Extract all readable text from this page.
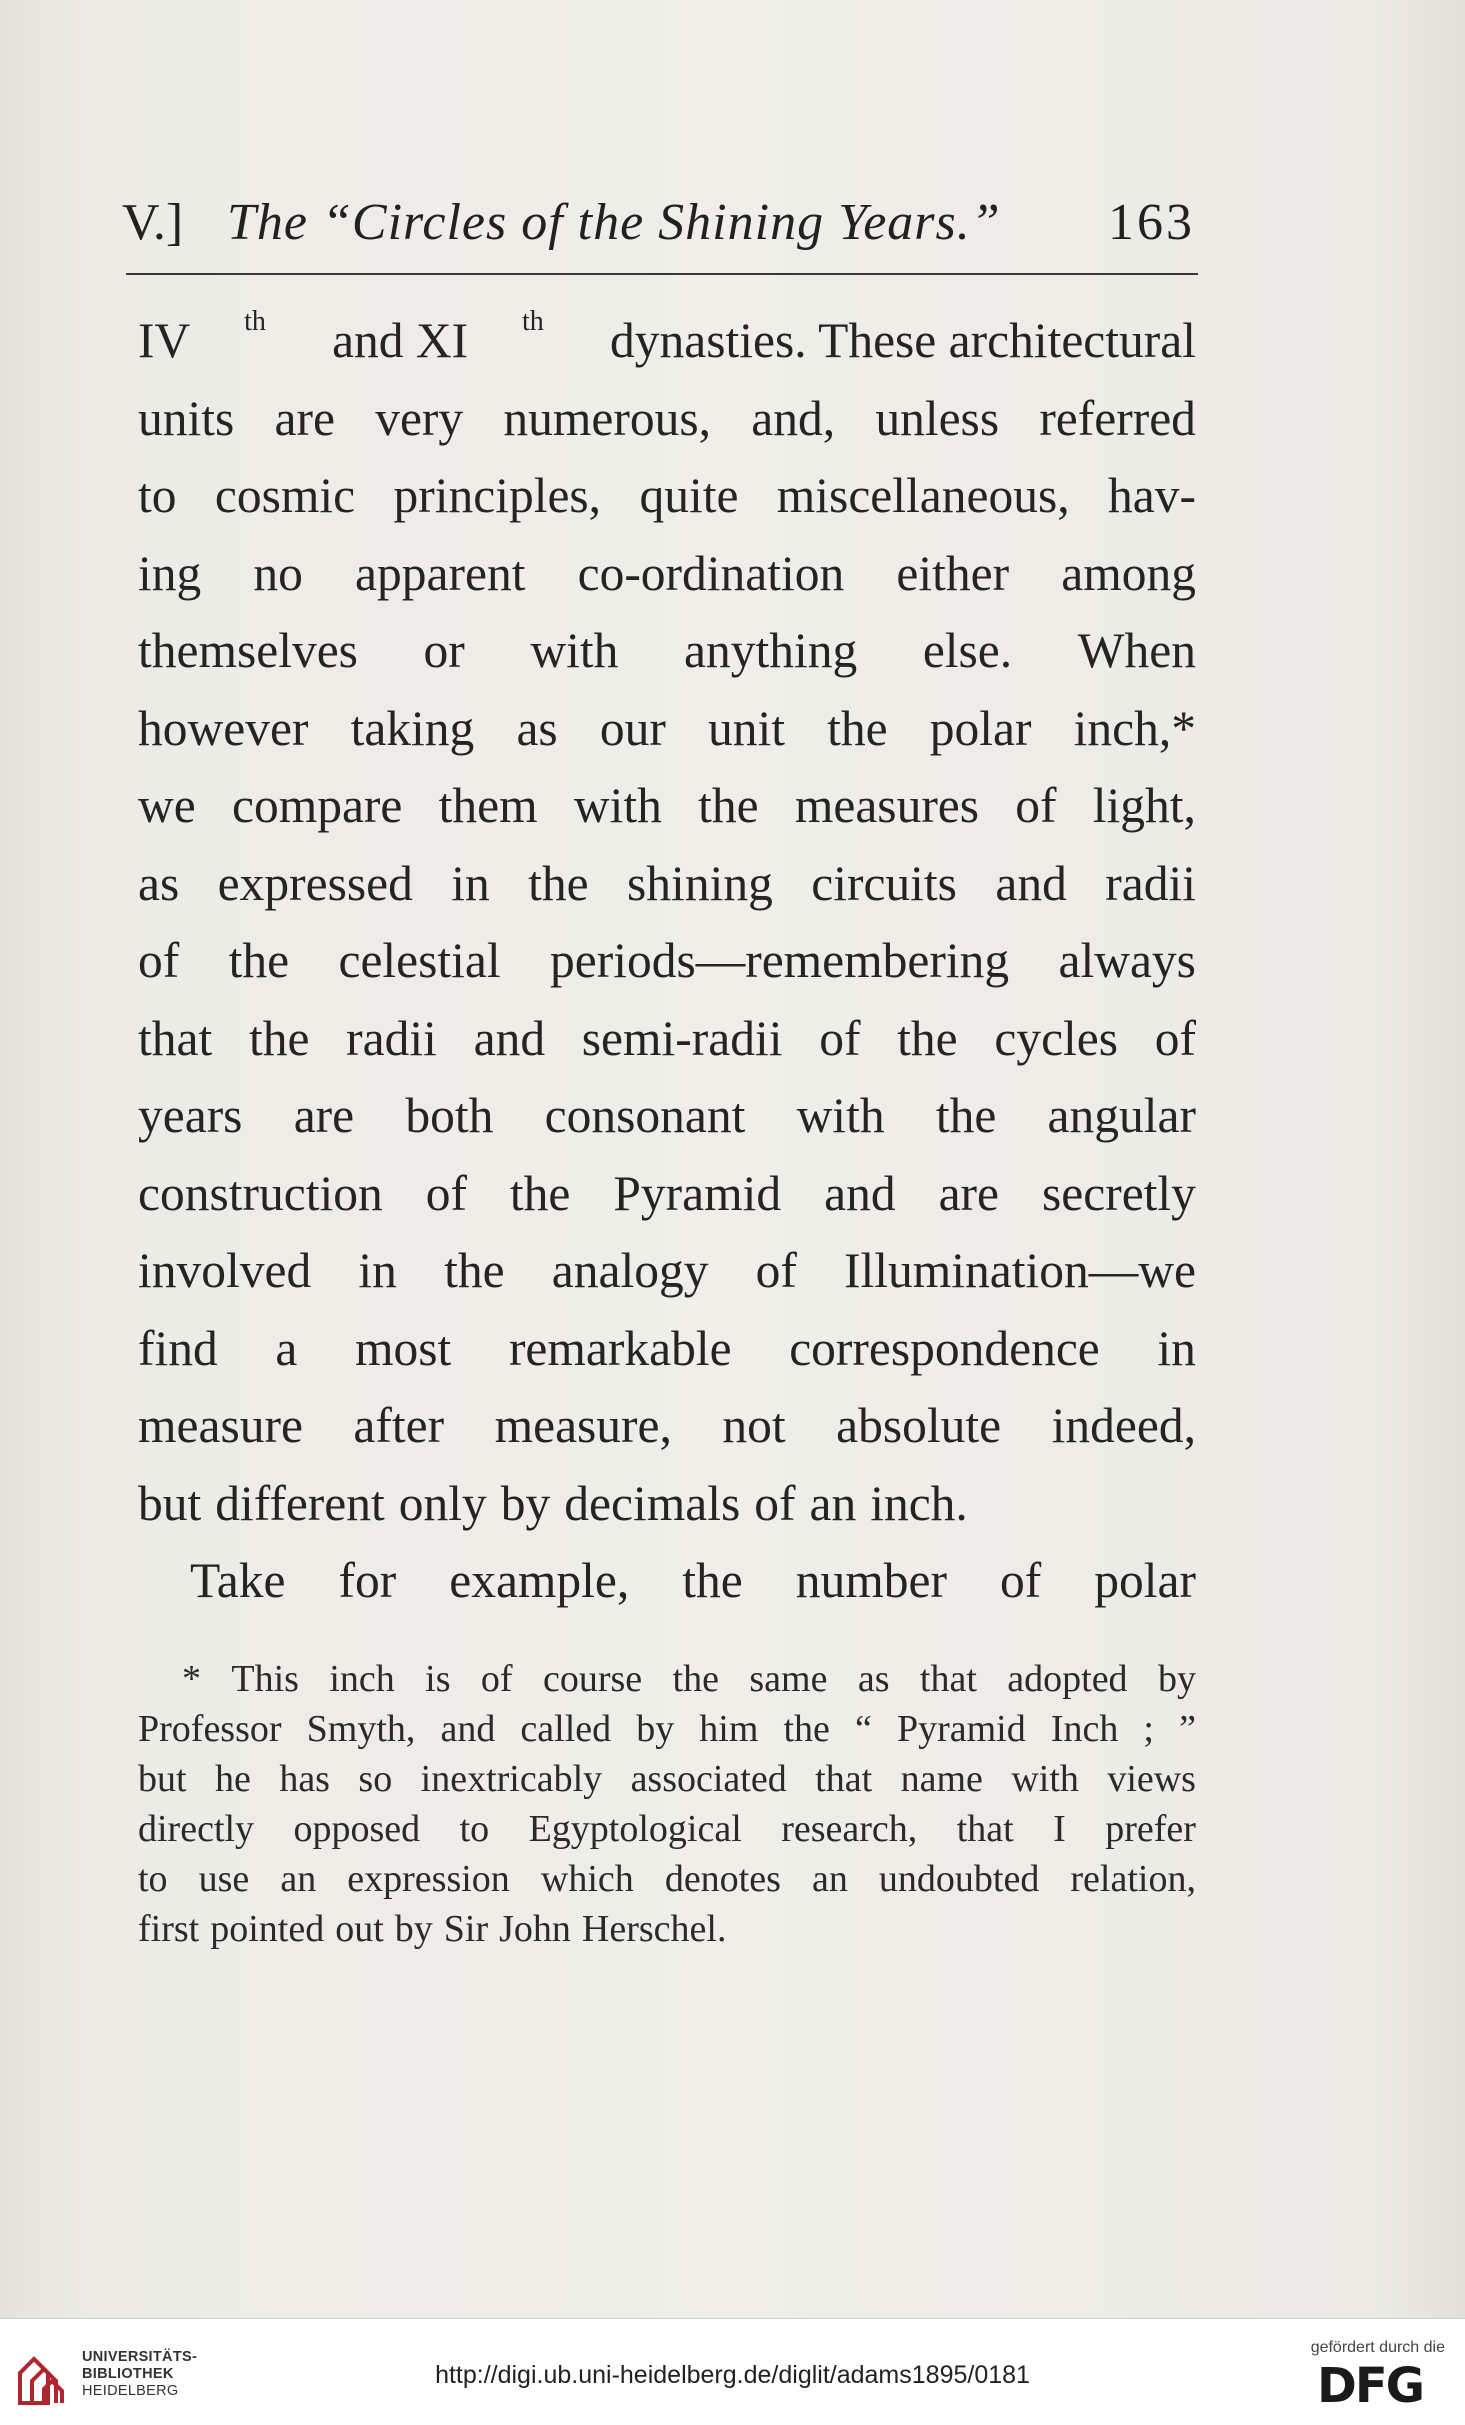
V.] The “Circles of the Shining Years.” 163
IV th and XI th dynasties. These architectural
units are very numerous, and, unless referred
to cosmic principles, quite miscellaneous, hav-
ing no apparent co-ordination either among
themselves or with anything else. When
however taking as our unit the polar inch,*
we compare them with the measures of light,
as expressed in the shining circuits and radii
of the celestial periods—remembering always
that the radii and semi-radii of the cycles of
years are both consonant with the angular
construction of the Pyramid and are secretly
involved in the analogy of Illumination—we
find a most remarkable correspondence in
measure after measure, not absolute indeed,
but different only by decimals of an inch.
Take for example, the number of polar
* This inch is of course the same as that adopted by
Professor Smyth, and called by him the “ Pyramid Inch ; ”
but he has so inextricably associated that name with views
directly opposed to Egyptological research, that I prefer
to use an expression which denotes an undoubted relation,
first pointed out by Sir John Herschel.
UNIVERSITÄTS-
BIBLIOTHEK
HEIDELBERG
http://digi.ub.uni-heidelberg.de/diglit/adams1895/0181
gefördert durch die
DFG
